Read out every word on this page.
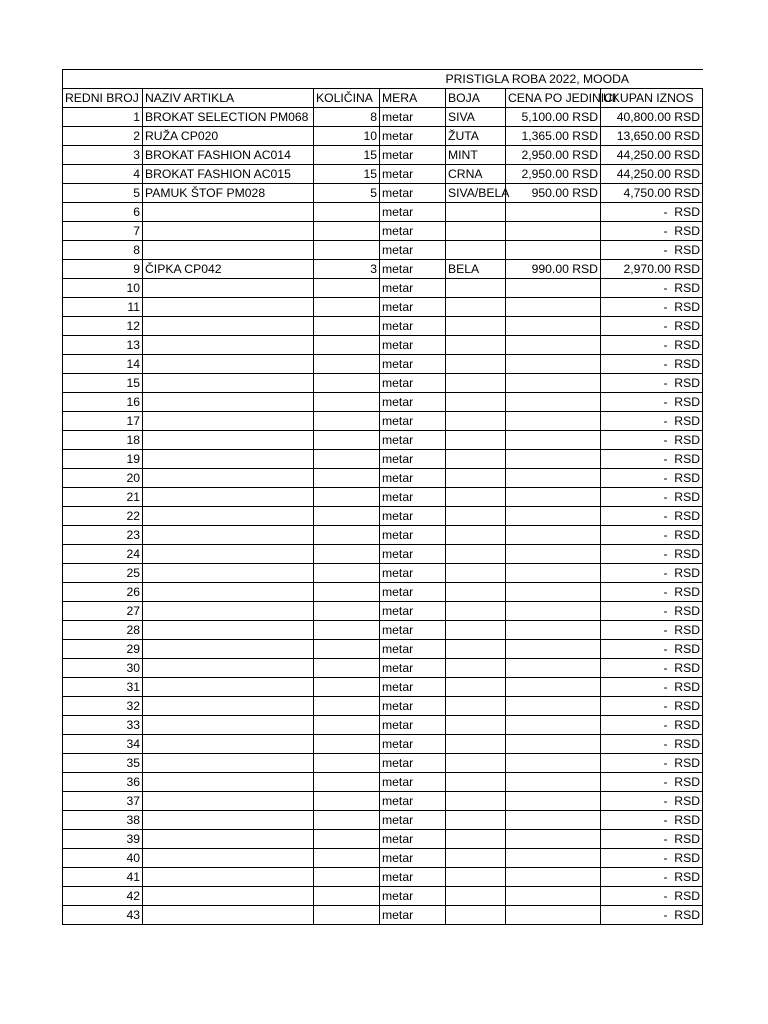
				PRISTIGLA ROBA 2022, MOODA		
REDNI BROJ	NAZIV ARTIKLA	KOLIČINA	MERA	BOJA	CENA PO JEDINICI	UKUPAN IZNOS
1	BROKAT SELECTION PM068	8	metar	SIVA	5,100.00 RSD	40,800.00 RSD
2	RUŽA CP020	10	metar	ŽUTA	1,365.00 RSD	13,650.00 RSD
3	BROKAT FASHION AC014	15	metar	MINT	2,950.00 RSD	44,250.00 RSD
4	BROKAT FASHION AC015	15	metar	CRNA	2,950.00 RSD	44,250.00 RSD
5	PAMUK ŠTOF PM028	5	metar	SIVA/BELA	950.00 RSD	4,750.00 RSD
6			metar			-  RSD
7			metar			-  RSD
8			metar			-  RSD
9	ČIPKA CP042	3	metar	BELA	990.00 RSD	2,970.00 RSD
10			metar			-  RSD
11			metar			-  RSD
12			metar			-  RSD
13			metar			-  RSD
14			metar			-  RSD
15			metar			-  RSD
16			metar			-  RSD
17			metar			-  RSD
18			metar			-  RSD
19			metar			-  RSD
20			metar			-  RSD
21			metar			-  RSD
22			metar			-  RSD
23			metar			-  RSD
24			metar			-  RSD
25			metar			-  RSD
26			metar			-  RSD
27			metar			-  RSD
28			metar			-  RSD
29			metar			-  RSD
30			metar			-  RSD
31			metar			-  RSD
32			metar			-  RSD
33			metar			-  RSD
34			metar			-  RSD
35			metar			-  RSD
36			metar			-  RSD
37			metar			-  RSD
38			metar			-  RSD
39			metar			-  RSD
40			metar			-  RSD
41			metar			-  RSD
42			metar			-  RSD
43			metar			-  RSD
